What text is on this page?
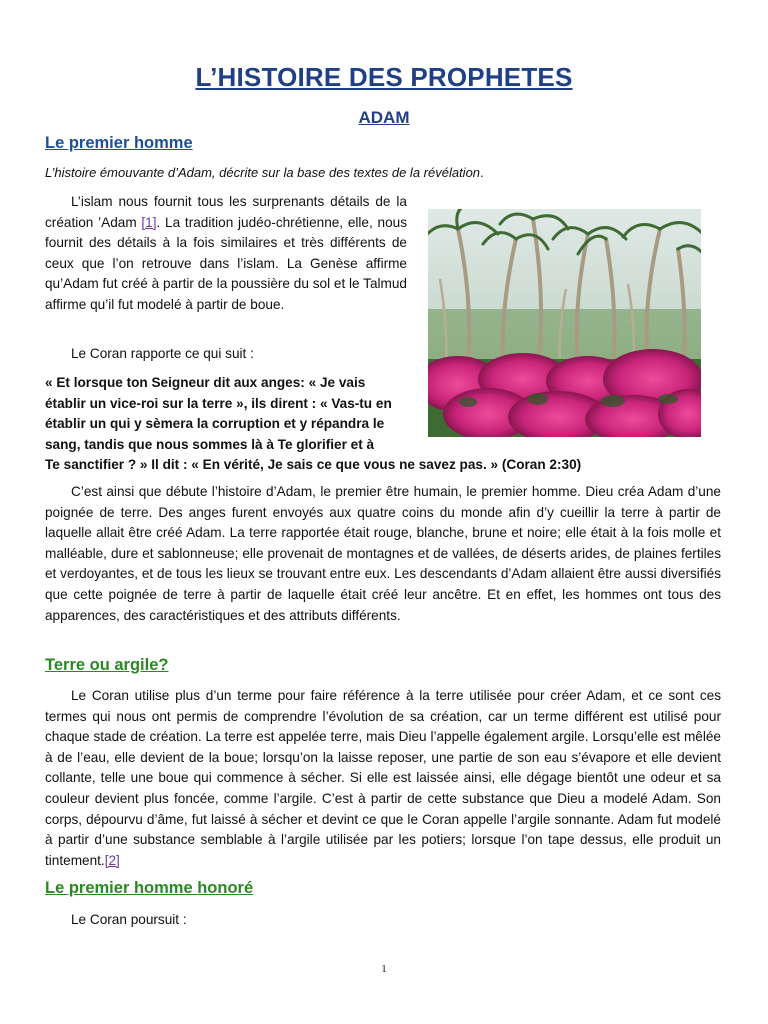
L’HISTOIRE DES PROPHETES
ADAM
Le premier homme
L’histoire émouvante d’Adam, décrite sur la base des textes de la révélation.

L’islam nous fournit tous les surprenants détails de la création ’Adam [1]. La tradition judéo-chrétienne, elle, nous fournit des détails à la fois similaires et très différents de ceux que l’on retrouve dans l’islam. La Genèse affirme qu’Adam fut créé à partir de la poussière du sol et le Talmud affirme qu’il fut modelé à partir de boue.

Le Coran rapporte ce qui suit :

« Et lorsque ton Seigneur dit aux anges: « Je vais établir un vice-roi sur la terre », ils dirent : « Vas-tu en établir un qui y sèmera la corruption et y répandra le sang, tandis que nous sommes là à Te glorifier et à

Te sanctifier ? » Il dit : « En vérité, Je sais ce que vous ne savez pas. » (Coran 2:30)

C’est ainsi que débute l’histoire d’Adam, le premier être humain, le premier homme. Dieu créa Adam d’une poignée de terre. Des anges furent envoyés aux quatre coins du monde afin d’y cueillir la terre à partir de laquelle allait être créé Adam. La terre rapportée était rouge, blanche, brune et noire; elle était à la fois molle et malléable, dure et sablonneuse; elle provenait de montagnes et de vallées, de déserts arides, de plaines fertiles et verdoyantes, et de tous les lieux se trouvant entre eux. Les descendants d’Adam allaient être aussi diversifiés que cette poignée de terre à partir de laquelle était créé leur ancêtre. Et en effet, les hommes ont tous des apparences, des caractéristiques et des attributs différents.

Terre ou argile?

Le Coran utilise plus d’un terme pour faire référence à la terre utilisée pour créer Adam, et ce sont ces termes qui nous ont permis de comprendre l’évolution de sa création, car un terme différent est utilisé pour chaque stade de création. La terre est appelée terre, mais Dieu l’appelle également argile. Lorsqu’elle est mêlée à de l’eau, elle devient de la boue; lorsqu’on la laisse reposer, une partie de son eau s’évapore et elle devient collante, telle une boue qui commence à sécher. Si elle est laissée ainsi, elle dégage bientôt une odeur et sa couleur devient plus foncée, comme l’argile. C’est à partir de cette substance que Dieu a modelé Adam. Son corps, dépourvu d’âme, fut laissé à sécher et devint ce que le Coran appelle l’argile sonnante. Adam fut modelé à partir d’une substance semblable à l’argile utilisée par les potiers; lorsque l’on tape dessus, elle produit un tintement.[2]

Le premier homme honoré

Le Coran poursuit :

1
